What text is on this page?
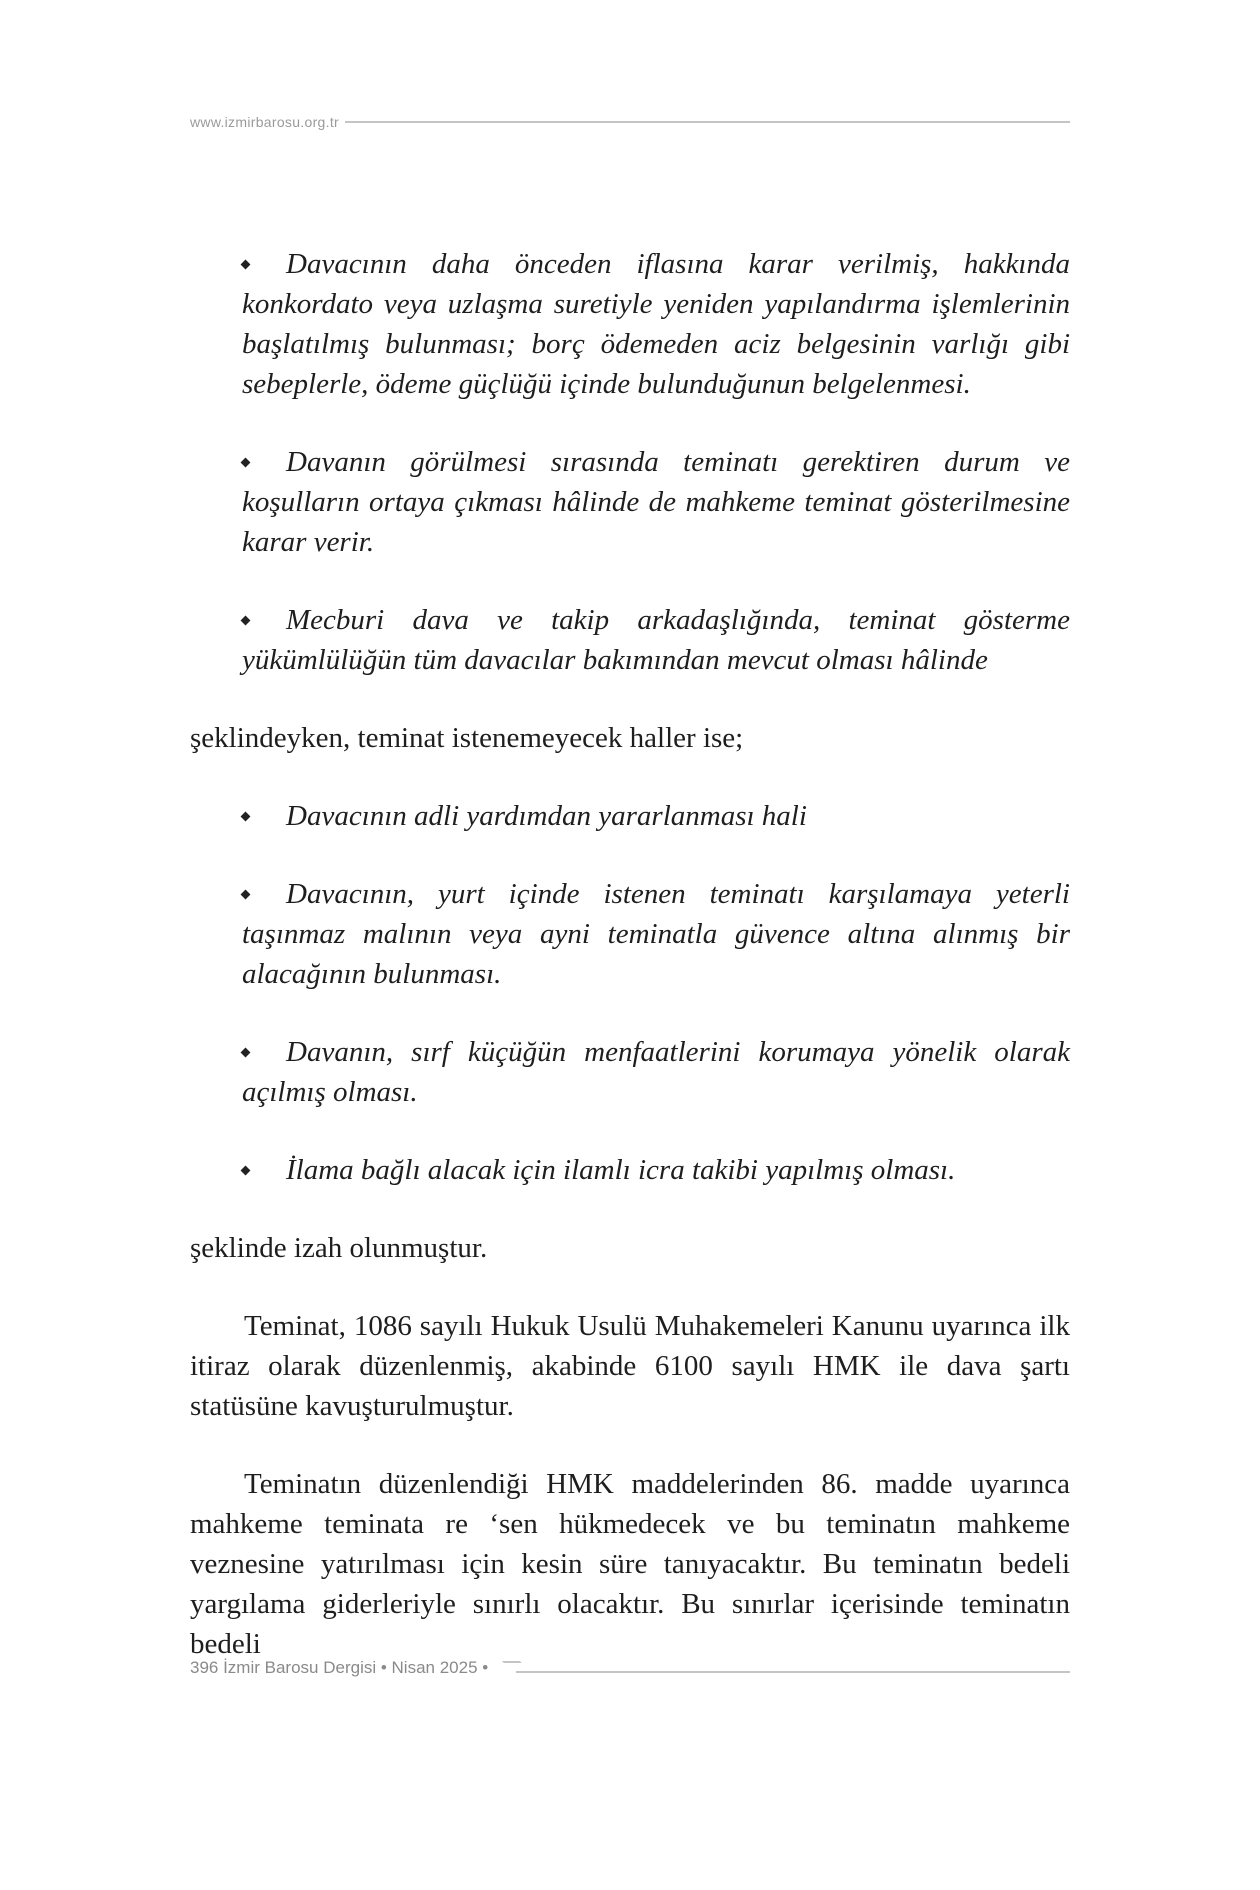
www.izmirbarosu.org.tr
Davacının daha önceden iflasına karar verilmiş, hakkında konkordato veya uzlaşma suretiyle yeniden yapılandırma işlemlerinin başlatılmış bulunması; borç ödemeden aciz belgesinin varlığı gibi sebeplerle, ödeme güçlüğü içinde bulunduğunun belgelenmesi.
Davanın görülmesi sırasında teminatı gerektiren durum ve koşulların ortaya çıkması hâlinde de mahkeme teminat gösterilmesine karar verir.
Mecburi dava ve takip arkadaşlığında, teminat gösterme yükümlülüğün tüm davacılar bakımından mevcut olması hâlinde
şeklindeyken, teminat istenemeyecek haller ise;
Davacının adli yardımdan yararlanması hali
Davacının, yurt içinde istenen teminatı karşılamaya yeterli taşınmaz malının veya ayni teminatla güvence altına alınmış bir alacağının bulunması.
Davanın, sırf küçüğün menfaatlerini korumaya yönelik olarak açılmış olması.
İlama bağlı alacak için ilamlı icra takibi yapılmış olması.
şeklinde izah olunmuştur.
Teminat, 1086 sayılı Hukuk Usulü Muhakemeleri Kanunu uyarınca ilk itiraz olarak düzenlenmiş, akabinde 6100 sayılı HMK ile dava şartı statüsüne kavuşturulmuştur.
Teminatın düzenlendiği HMK maddelerinden 86. madde uyarınca mahkeme teminata re ‘sen hükmedecek ve bu teminatın mahkeme veznesine yatırılması için kesin süre tanıyacaktır. Bu teminatın bedeli yargılama giderleriyle sınırlı olacaktır. Bu sınırlar içerisinde teminatın bedeli
396 İzmir Barosu Dergisi • Nisan 2025 •
